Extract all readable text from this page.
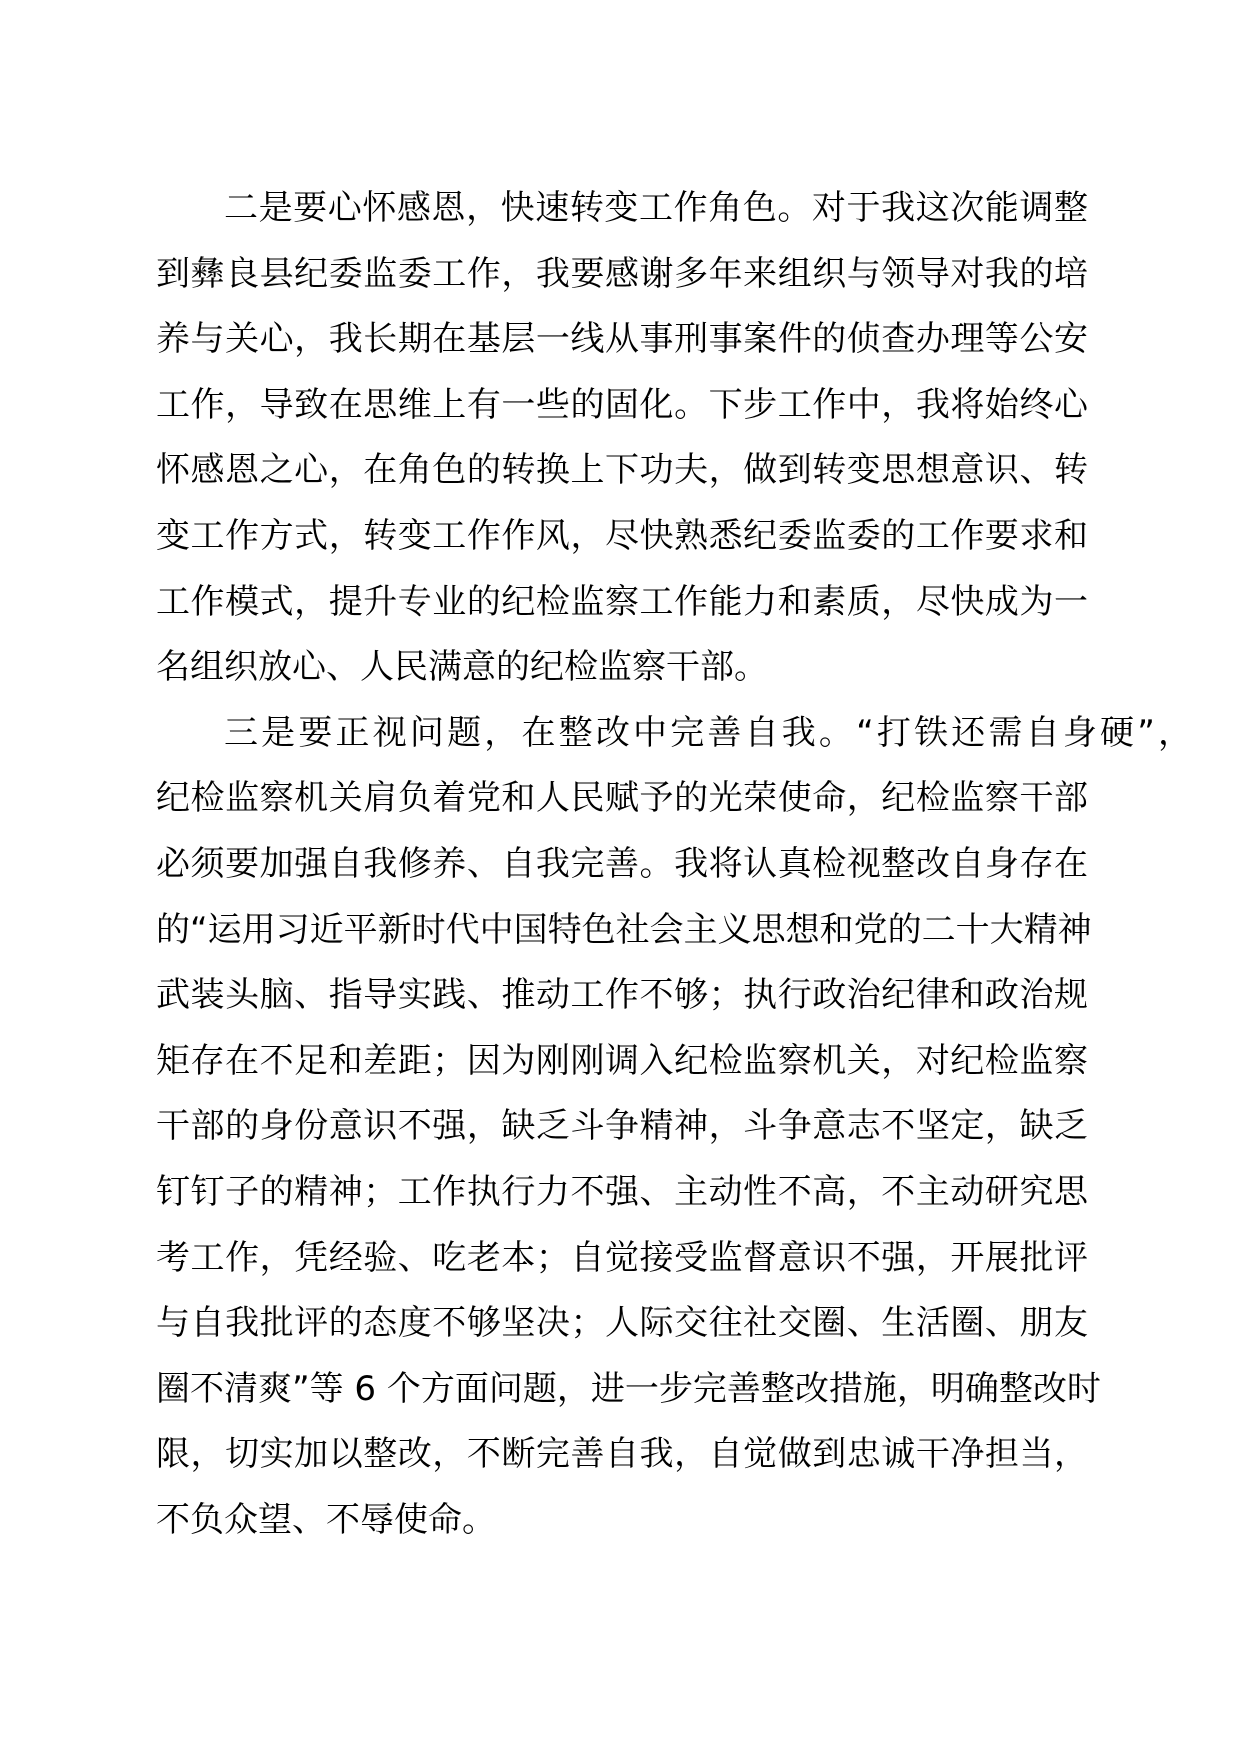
二是要心怀感恩，快速转变工作角色。对于我这次能调整
到彝良县纪委监委工作，我要感谢多年来组织与领导对我的培
养与关心，我长期在基层一线从事刑事案件的侦查办理等公安
工作，导致在思维上有一些的固化。下步工作中，我将始终心
怀感恩之心，在角色的转换上下功夫，做到转变思想意识、转
变工作方式，转变工作作风，尽快熟悉纪委监委的工作要求和
工作模式，提升专业的纪检监察工作能力和素质，尽快成为一
名组织放心、人民满意的纪检监察干部。
三是要正视问题，在整改中完善自我。“打铁还需自身硬”，
纪检监察机关肩负着党和人民赋予的光荣使命，纪检监察干部
必须要加强自我修养、自我完善。我将认真检视整改自身存在
的“运用习近平新时代中国特色社会主义思想和党的二十大精神
武装头脑、指导实践、推动工作不够；执行政治纪律和政治规
矩存在不足和差距；因为刚刚调入纪检监察机关，对纪检监察
干部的身份意识不强，缺乏斗争精神，斗争意志不坚定，缺乏
钉钉子的精神；工作执行力不强、主动性不高，不主动研究思
考工作，凭经验、吃老本；自觉接受监督意识不强，开展批评
与自我批评的态度不够坚决；人际交往社交圈、生活圈、朋友
圈不清爽”等 6 个方面问题，进一步完善整改措施，明确整改时
限，切实加以整改，不断完善自我，自觉做到忠诚干净担当，
不负众望、不辱使命。
